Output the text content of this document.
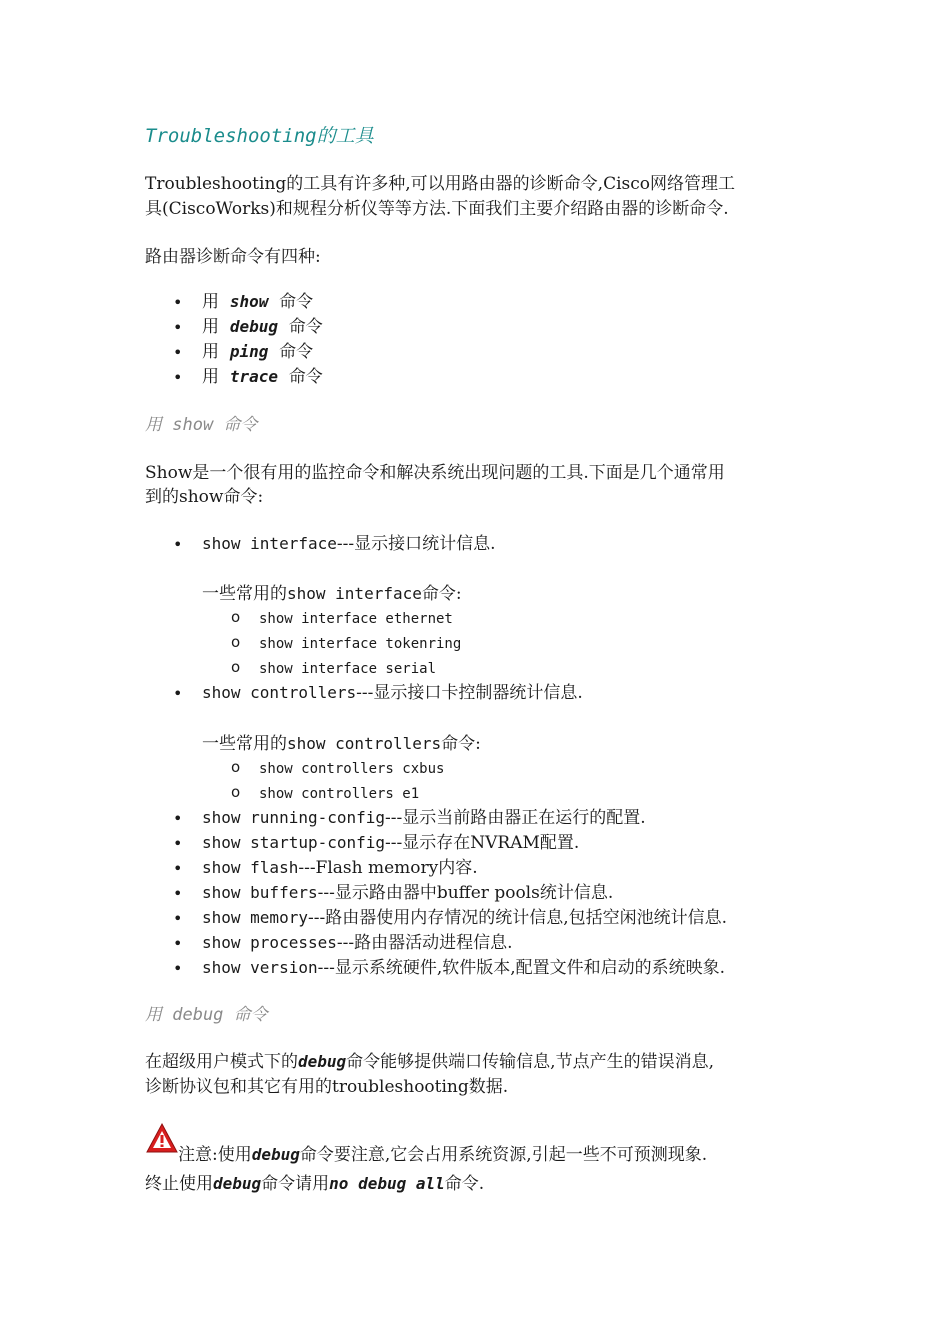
Troubleshooting的工具
Troubleshooting的工具有许多种,可以用路由器的诊断命令,Cisco网络管理工
具(CiscoWorks)和规程分析仪等等方法.下面我们主要介绍路由器的诊断命令.
路由器诊断命令有四种:
• 用 show 命令
• 用 debug 命令
• 用 ping 命令
• 用 trace 命令
用 show 命令
Show是一个很有用的监控命令和解决系统出现问题的工具.下面是几个通常用
到的show命令:
• show interface---显示接口统计信息.
一些常用的show interface命令:
o show interface ethernet
o show interface tokenring
o show interface serial
• show controllers---显示接口卡控制器统计信息.
一些常用的show controllers命令:
o show controllers cxbus
o show controllers e1
• show running-config---显示当前路由器正在运行的配置.
• show startup-config---显示存在NVRAM配置.
• show flash---Flash memory内容.
• show buffers---显示路由器中buffer pools统计信息.
• show memory---路由器使用内存情况的统计信息,包括空闲池统计信息.
• show processes---路由器活动进程信息.
• show version---显示系统硬件,软件版本,配置文件和启动的系统映象.
用 debug 命令
在超级用户模式下的debug命令能够提供端口传输信息,节点产生的错误消息,
诊断协议包和其它有用的troubleshooting数据.
注意:使用debug命令要注意,它会占用系统资源,引起一些不可预测现象.
终止使用debug命令请用no debug all命令.
